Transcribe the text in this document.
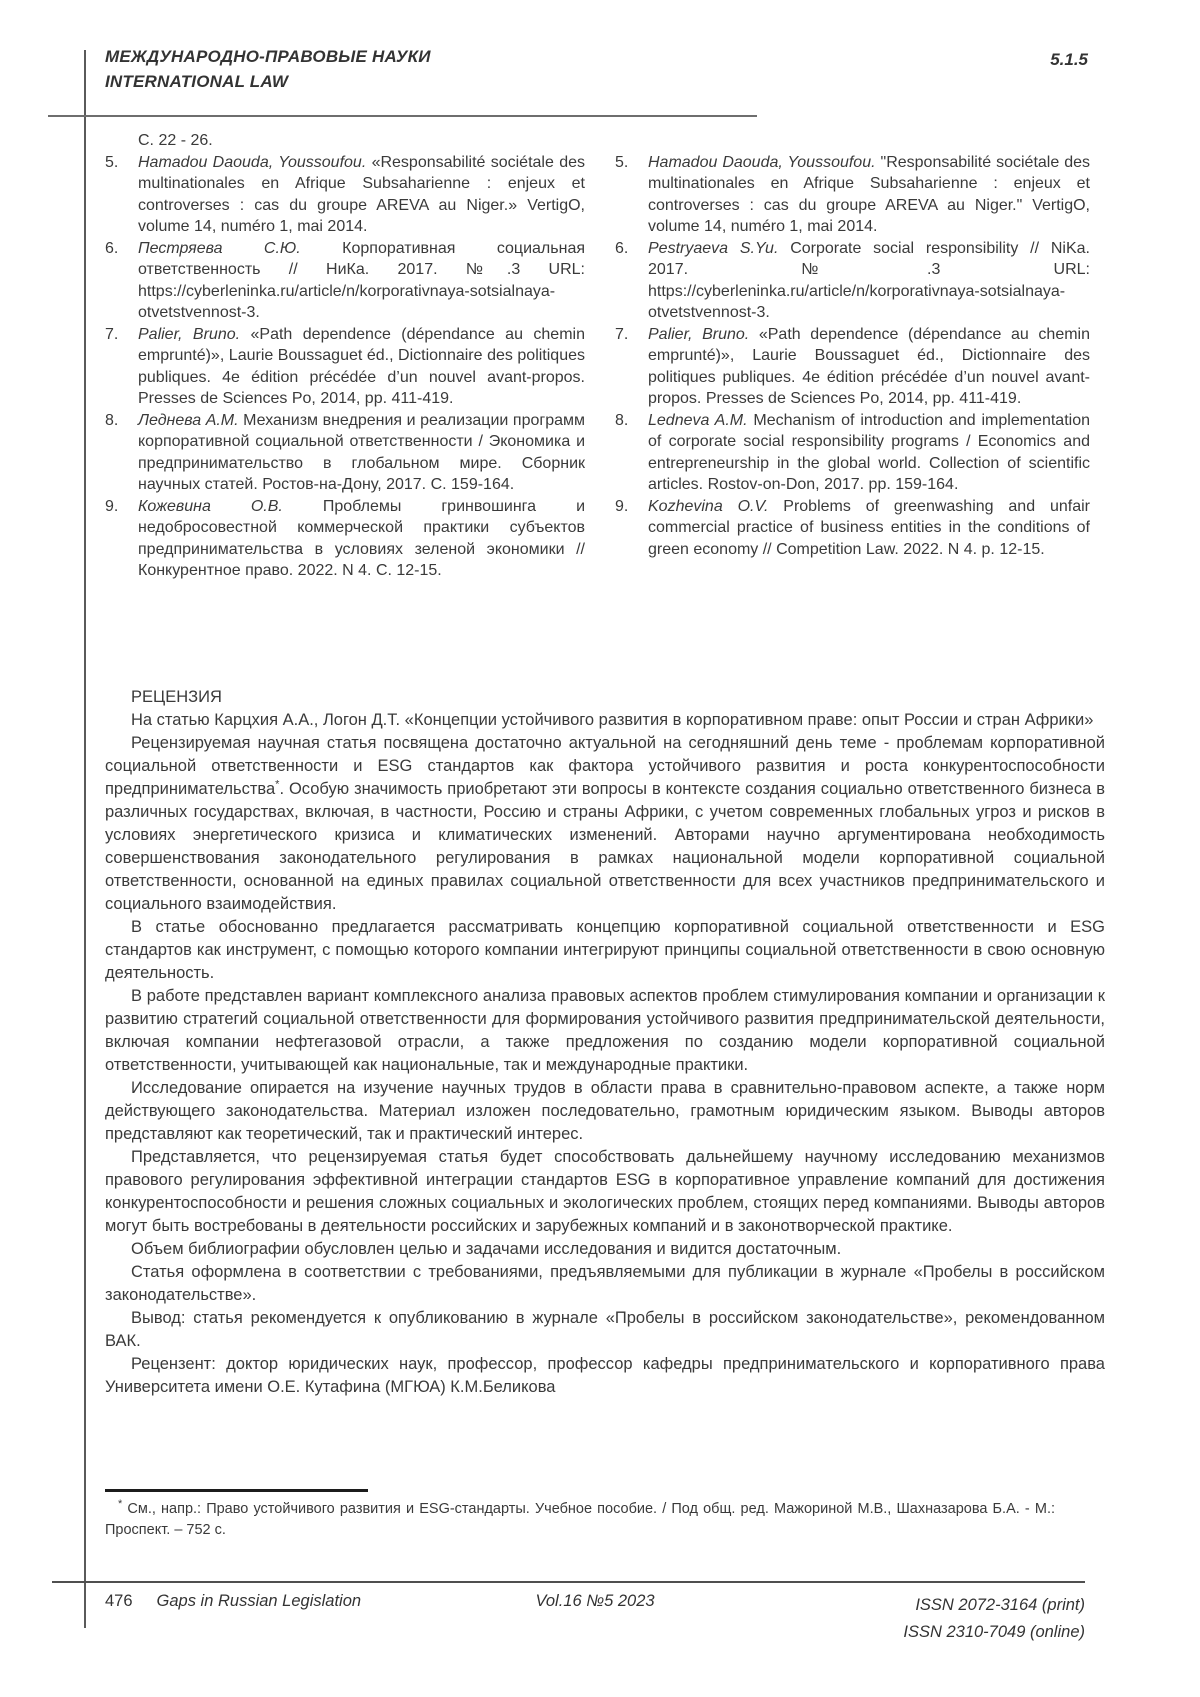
МЕЖДУНАРОДНО-ПРАВОВЫЕ НАУКИ
INTERNATIONAL LAW
5.1.5
С. 22 - 26.
5.	Hamadou Daouda, Youssoufou. «Responsabilité sociétale des multinationales en Afrique Subsaharienne : enjeux et controverses : cas du groupe AREVA au Niger.» VertigO, volume 14, numéro 1, mai 2014.
6.	Пестряева С.Ю. Корпоративная социальная ответственность // НиКа. 2017. №.3 URL: https://cyberleninka.ru/article/n/korporativnaya-sotsialnaya-otvetstvennost-3.
7.	Palier, Bruno. «Path dependence (dépendance au chemin emprunté)», Laurie Boussaguet éd., Dictionnaire des politiques publiques. 4e édition précédée d’un nouvel avant-propos. Presses de Sciences Po, 2014, pp. 411-419.
8.	Леднева А.М. Механизм внедрения и реализации программ корпоративной социальной ответственности / Экономика и предпринимательство в глобальном мире. Сборник научных статей. Ростов-на-Дону, 2017. С. 159-164.
9.	Кожевина О.В. Проблемы гринвошинга и недобросовестной коммерческой практики субъектов предпринимательства в условиях зеленой экономики // Конкурентное право. 2022. N 4. С. 12-15.
5.	Hamadou Daouda, Youssoufou. "Responsabilité sociétale des multinationales en Afrique Subsaharienne : enjeux et controverses : cas du groupe AREVA au Niger." VertigO, volume 14, numéro 1, mai 2014.
6.	Pestryaeva S.Yu. Corporate social responsibility // NiKa. 2017. №.3 URL: https://cyberleninka.ru/article/n/korporativnaya-sotsialnaya-otvetstvennost-3.
7.	Palier, Bruno. «Path dependence (dépendance au chemin emprunté)», Laurie Boussaguet éd., Dictionnaire des politiques publiques. 4e édition précédée d’un nouvel avant-propos. Presses de Sciences Po, 2014, pp. 411-419.
8.	Ledneva A.M. Mechanism of introduction and implementation of corporate social responsibility programs / Economics and entrepreneurship in the global world. Collection of scientific articles. Rostov-on-Don, 2017. pp. 159-164.
9.	Kozhevina O.V. Problems of greenwashing and unfair commercial practice of business entities in the conditions of green economy // Competition Law. 2022. N 4. p. 12-15.

РЕЦЕНЗИЯ

На статью Карцхия А.А., Логон Д.Т. «Концепции устойчивого развития в корпоративном праве: опыт России и стран Африки»

Рецензируемая научная статья посвящена достаточно актуальной на сегодняшний день теме - проблемам корпоративной социальной ответственности и ESG стандартов как фактора устойчивого развития и роста конкурентоспособности предпринимательства*. Особую значимость приобретают эти вопросы в контексте создания социально ответственного бизнеса в различных государствах, включая, в частности, Россию и страны Африки, с учетом современных глобальных угроз и рисков в условиях энергетического кризиса и климатических изменений. Авторами научно аргументирована необходимость совершенствования законодательного регулирования в рамках национальной модели корпоративной социальной ответственности, основанной на единых правилах социальной ответственности для всех участников предпринимательского и социального взаимодействия.

В статье обоснованно предлагается рассматривать концепцию корпоративной социальной ответственности и ESG стандартов как инструмент, с помощью которого компании интегрируют принципы социальной ответственности в свою основную деятельность.

В работе представлен вариант комплексного анализа правовых аспектов проблем стимулирования компании и организации к развитию стратегий социальной ответственности для формирования устойчивого развития предпринимательской деятельности, включая компании нефтегазовой отрасли, а также предложения по созданию модели корпоративной социальной ответственности, учитывающей как национальные, так и международные практики.

Исследование опирается на изучение научных трудов в области права в сравнительно-правовом аспекте, а также норм действующего законодательства. Материал изложен последовательно, грамотным юридическим языком. Выводы авторов представляют как теоретический, так и практический интерес.

Представляется, что рецензируемая статья будет способствовать дальнейшему научному исследованию механизмов правового регулирования эффективной интеграции стандартов ESG в корпоративное управление компаний для достижения конкурентоспособности и решения сложных социальных и экологических проблем, стоящих перед компаниями. Выводы авторов могут быть востребованы в деятельности российских и зарубежных компаний и в законотворческой практике.

Объем библиографии обусловлен целью и задачами исследования и видится достаточным.

Статья оформлена в соответствии с требованиями, предъявляемыми для публикации в журнале «Пробелы в российском законодательстве».

Вывод: статья рекомендуется к опубликованию в журнале «Пробелы в российском законодательстве», рекомендованном ВАК.

Рецензент: доктор юридических наук, профессор, профессор кафедры предпринимательского и корпоративного права Университета имени О.Е. Кутафина (МГЮА) К.М.Беликова

* См., напр.: Право устойчивого развития и ESG-стандарты. Учебное пособие. / Под общ. ред. Мажориной М.В., Шахназарова Б.А. - М.: Проспект. – 752 с.
476 Gaps in Russian Legislation	Vol.16 №5 2023	ISSN 2072-3164 (print)
ISSN 2310-7049 (online)
